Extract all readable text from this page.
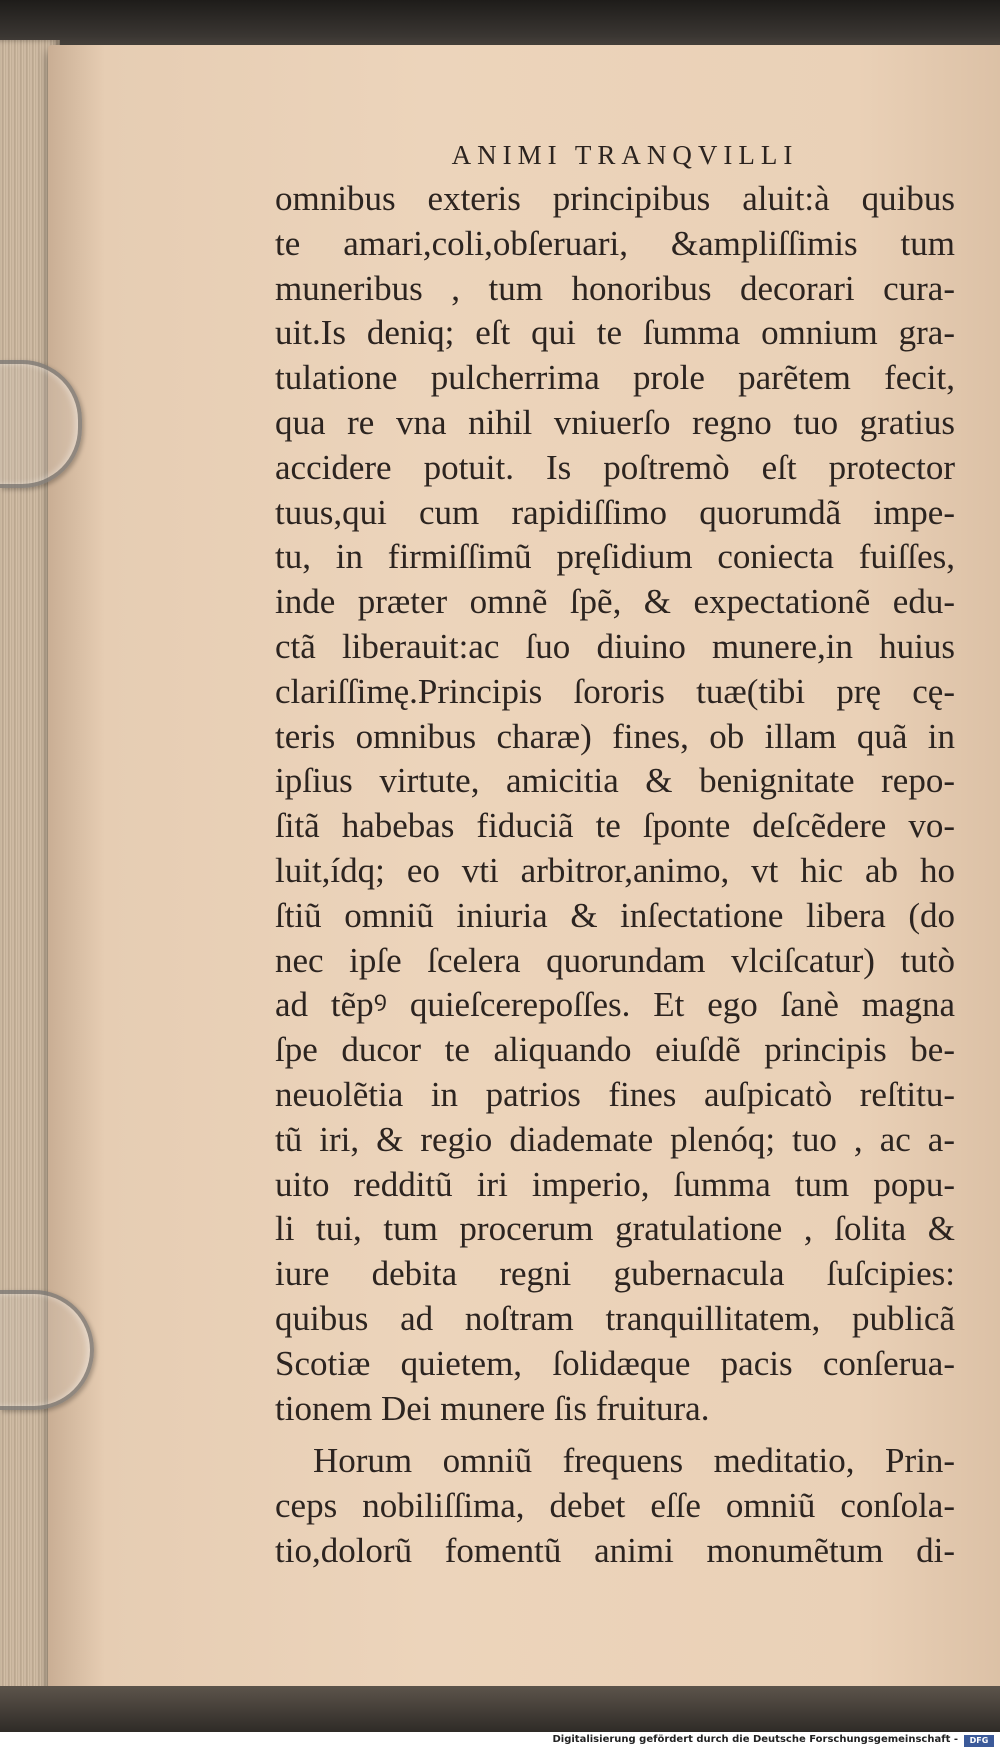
ANIMI TRANQVILLI
omnibus exteris principibus aluit:à quibus
te amari,coli,obſeruari, &ampliſſimis tum
muneribus , tum honoribus decorari cura-
uit.Is deniq; eſt qui te ſumma omnium gra-
tulatione pulcherrima prole parẽtem fecit,
qua re vna nihil vniuerſo regno tuo gratius
accidere potuit. Is poſtremò eſt protector
tuus,qui cum rapidiſſimo quorumdã impe-
tu, in firmiſſimũ pręſidium coniecta fuiſſes,
inde præter omnẽ ſpẽ, & expectationẽ edu-
ctã liberauit:ac ſuo diuino munere,in huius
clariſſimę.Principis ſororis tuæ(tibi prę cę-
teris omnibus charæ) fines, ob illam quã in
ipſius virtute, amicitia & benignitate repo-
ſitã habebas fiduciã te ſponte deſcẽdere vo-
luit,ídq; eo vti arbitror,animo, vt hic ab ho
ſtiũ omniũ iniuria & inſectatione libera (do
nec ipſe ſcelera quorundam vlciſcatur) tutò
ad tẽpꝰ quieſcerepoſſes. Et ego ſanè magna
ſpe ducor te aliquando eiuſdẽ principis be-
neuolẽtia in patrios fines auſpicatò reſtitu-
tũ iri, & regio diademate plenóq; tuo , ac a-
uito redditũ iri imperio, ſumma tum popu-
li tui, tum procerum gratulatione , ſolita &
iure debita regni gubernacula ſuſcipies:
quibus ad noſtram tranquillitatem, publicã
Scotiæ quietem, ſolidæque pacis conſerua-
tionem Dei munere ſis fruitura.
Horum omniũ frequens meditatio, Prin-
ceps nobiliſſima, debet eſſe omniũ conſola-
tio,dolorũ fomentũ animi monumẽtum di-
Digitalisierung gefördert durch die Deutsche Forschungsgemeinschaft -	DFG
